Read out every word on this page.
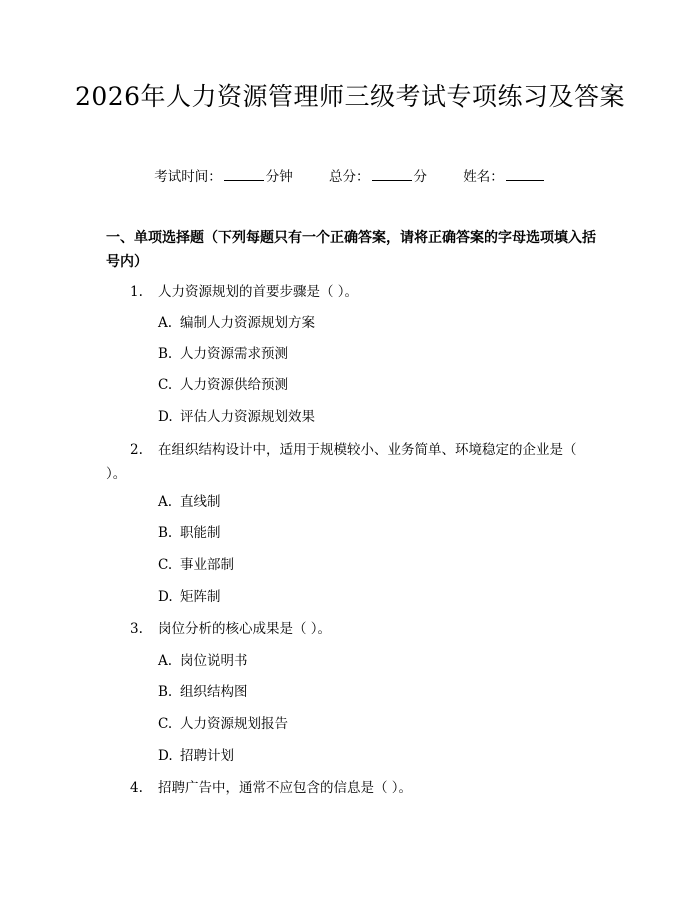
2026年人力资源管理师三级考试专项练习及答案
考试时间：	分钟	总分：	分	姓名：
一、单项选择题（下列每题只有一个正确答案，请将正确答案的字母选项填入括号内）
1. 人力资源规划的首要步骤是（ ）。
A. 编制人力资源规划方案
B. 人力资源需求预测
C. 人力资源供给预测
D. 评估人力资源规划效果
2. 在组织结构设计中，适用于规模较小、业务简单、环境稳定的企业是（ ）。
A. 直线制
B. 职能制
C. 事业部制
D. 矩阵制
3. 岗位分析的核心成果是（ ）。
A. 岗位说明书
B. 组织结构图
C. 人力资源规划报告
D. 招聘计划
4. 招聘广告中，通常不应包含的信息是（ ）。
